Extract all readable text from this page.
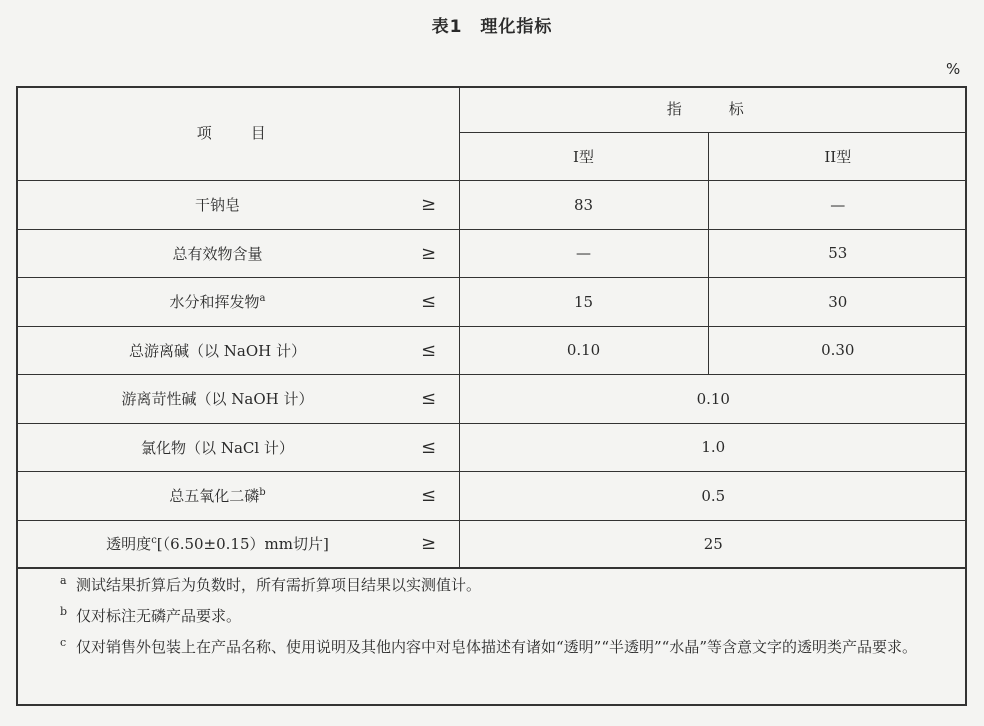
表1　理化指标
%
项　目		指　标	
		I型	II型
干钠皂	≥	83	—
总有效物含量	≥	—	53
水分和挥发物$^a$	≤	15	30
总游离碱（以 NaOH 计）	≤	0.10	0.30
游离苛性碱（以 NaOH 计）	≤	0.10	
氯化物（以 NaCl 计）	≤	1.0	
总五氧化二磷$^b$	≤	0.5	
透明度$^c$[（6.50±0.15）mm切片]	≥	25	
a 测试结果折算后为负数时，所有需折算项目结果以实测值计。
b 仅对标注无磷产品要求。
c 仅对销售外包装上在产品名称、使用说明及其他内容中对皂体描述有诸如“透明”“半透明”“水晶”等含意文字的透明类产品要求。
